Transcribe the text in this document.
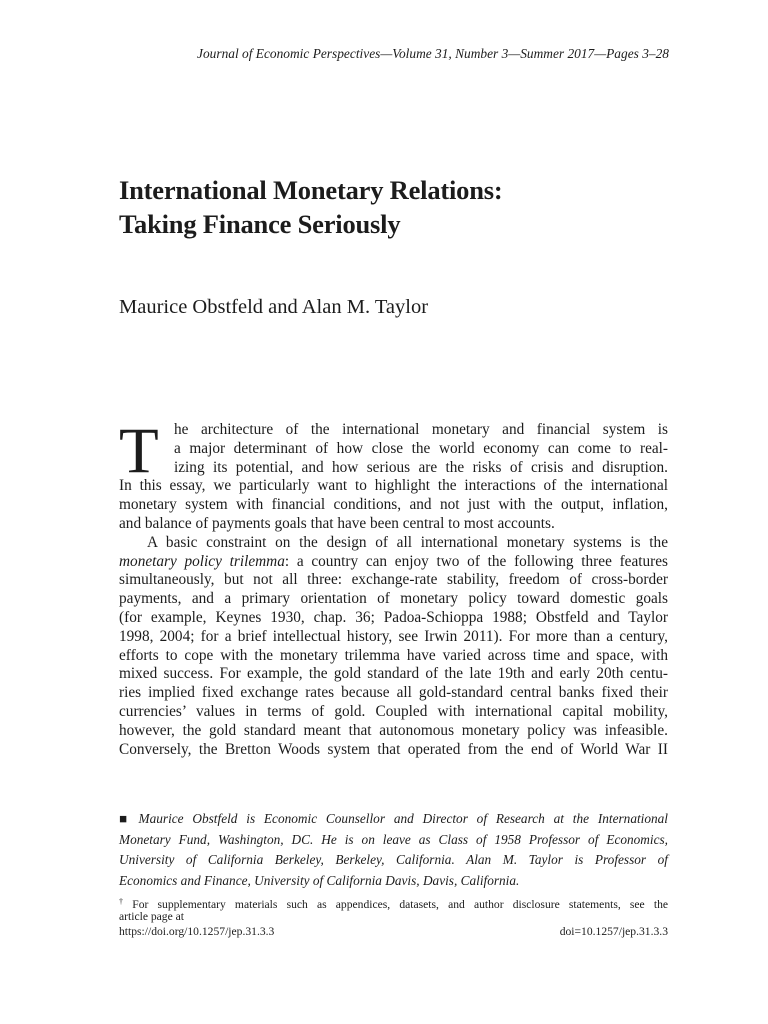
Journal of Economic Perspectives—Volume 31, Number 3—Summer 2017—Pages 3–28
International Monetary Relations:
Taking Finance Seriously
Maurice Obstfeld and Alan M. Taylor
T he architecture of the international monetary and financial system is
a major determinant of how close the world economy can come to real-
izing its potential, and how serious are the risks of crisis and disruption.
In this essay, we particularly want to highlight the interactions of the international
monetary system with financial conditions, and not just with the output, inflation,
and balance of payments goals that have been central to most accounts.
A basic constraint on the design of all international monetary systems is the
monetary policy trilemma: a country can enjoy two of the following three features
simultaneously, but not all three: exchange-rate stability, freedom of cross-border
payments, and a primary orientation of monetary policy toward domestic goals
(for example, Keynes 1930, chap. 36; Padoa-Schioppa 1988; Obstfeld and Taylor
1998, 2004; for a brief intellectual history, see Irwin 2011). For more than a century,
efforts to cope with the monetary trilemma have varied across time and space, with
mixed success. For example, the gold standard of the late 19th and early 20th centu-
ries implied fixed exchange rates because all gold-standard central banks fixed their
currencies’ values in terms of gold. Coupled with international capital mobility,
however, the gold standard meant that autonomous monetary policy was infeasible.
Conversely, the Bretton Woods system that operated from the end of World War II
■ Maurice Obstfeld is Economic Counsellor and Director of Research at the International
Monetary Fund, Washington, DC. He is on leave as Class of 1958 Professor of Economics,
University of California Berkeley, Berkeley, California. Alan M. Taylor is Professor of
Economics and Finance, University of California Davis, Davis, California.
† For supplementary materials such as appendices, datasets, and author disclosure statements, see the
article page at
https://doi.org/10.1257/jep.31.3.3	doi=10.1257/jep.31.3.3
